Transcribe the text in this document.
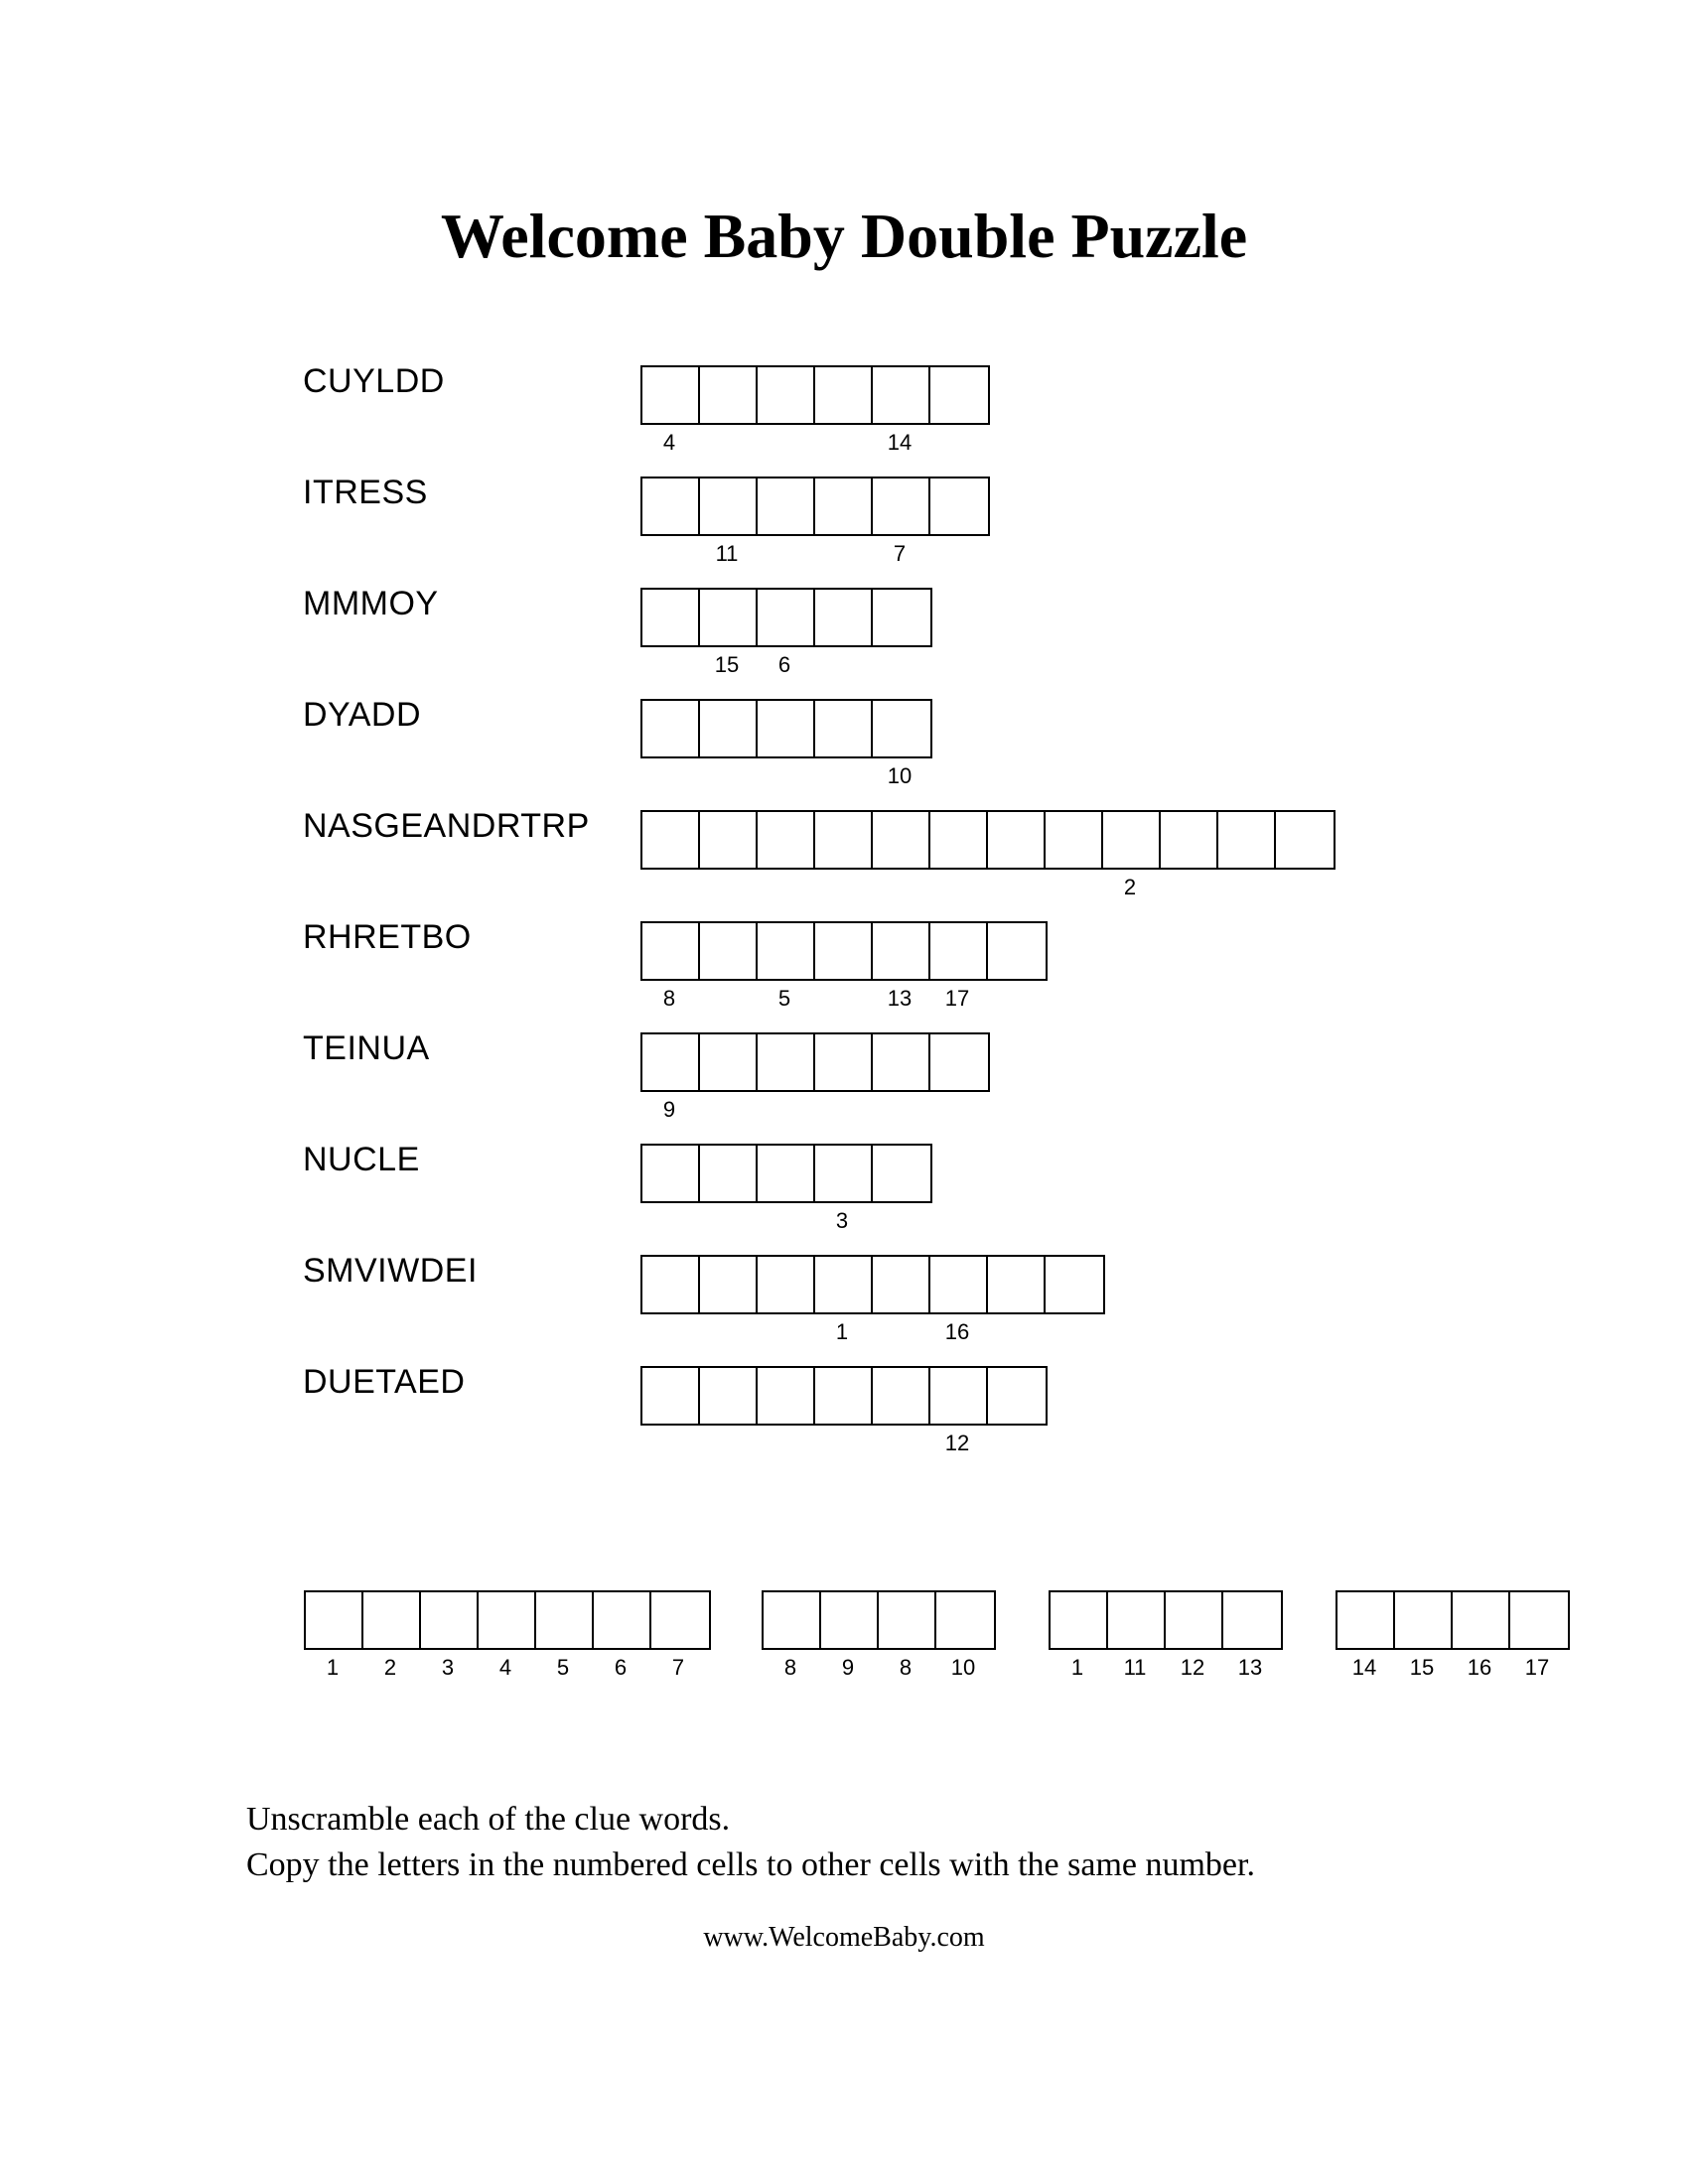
Welcome Baby Double Puzzle
CUYLDD
4	14
ITRESS
11	7
MMMOY
15	6
DYADD
10
NASGEANDRTRP
2
RHRETBO
8	5	13	17
TEINUA
9
NUCLE
3
SMVIWDEI
1	16
DUETAED
12
1	2	3	4	5	6	7	8	9	8	10	1	11	12	13	14	15	16	17
Unscramble each of the clue words.
Copy the letters in the numbered cells to other cells with the same number.
www.WelcomeBaby.com
